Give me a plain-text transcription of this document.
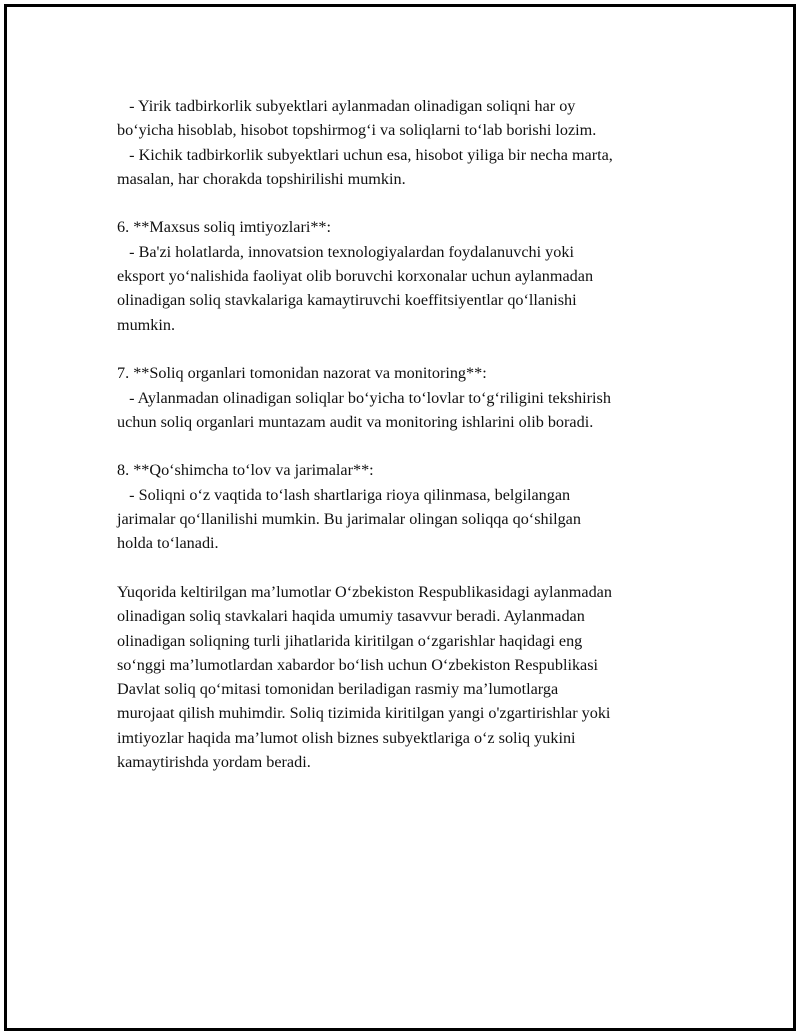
- Yirik tadbirkorlik subyektlari aylanmadan olinadigan soliqni har oy

bo‘yicha hisoblab, hisobot topshirmog‘i va soliqlarni to‘lab borishi lozim.

- Kichik tadbirkorlik subyektlari uchun esa, hisobot yiliga bir necha marta,

masalan, har chorakda topshirilishi mumkin.

6. **Maxsus soliq imtiyozlari**:

- Ba'zi holatlarda, innovatsion texnologiyalardan foydalanuvchi yoki

eksport yo‘nalishida faoliyat olib boruvchi korxonalar uchun aylanmadan

olinadigan soliq stavkalariga kamaytiruvchi koeffitsiyentlar qo‘llanishi

mumkin.

7. **Soliq organlari tomonidan nazorat va monitoring**:

- Aylanmadan olinadigan soliqlar bo‘yicha to‘lovlar to‘g‘riligini tekshirish

uchun soliq organlari muntazam audit va monitoring ishlarini olib boradi.

8. **Qo‘shimcha to‘lov va jarimalar**:

- Soliqni o‘z vaqtida to‘lash shartlariga rioya qilinmasa, belgilangan

jarimalar qo‘llanilishi mumkin. Bu jarimalar olingan soliqqa qo‘shilgan

holda to‘lanadi.

Yuqorida keltirilgan ma’lumotlar O‘zbekiston Respublikasidagi aylanmadan

olinadigan soliq stavkalari haqida umumiy tasavvur beradi. Aylanmadan

olinadigan soliqning turli jihatlarida kiritilgan o‘zgarishlar haqidagi eng

so‘nggi ma’lumotlardan xabardor bo‘lish uchun O‘zbekiston Respublikasi

Davlat soliq qo‘mitasi tomonidan beriladigan rasmiy ma’lumotlarga

murojaat qilish muhimdir. Soliq tizimida kiritilgan yangi o'zgartirishlar yoki

imtiyozlar haqida ma’lumot olish biznes subyektlariga o‘z soliq yukini

kamaytirishda yordam beradi.
